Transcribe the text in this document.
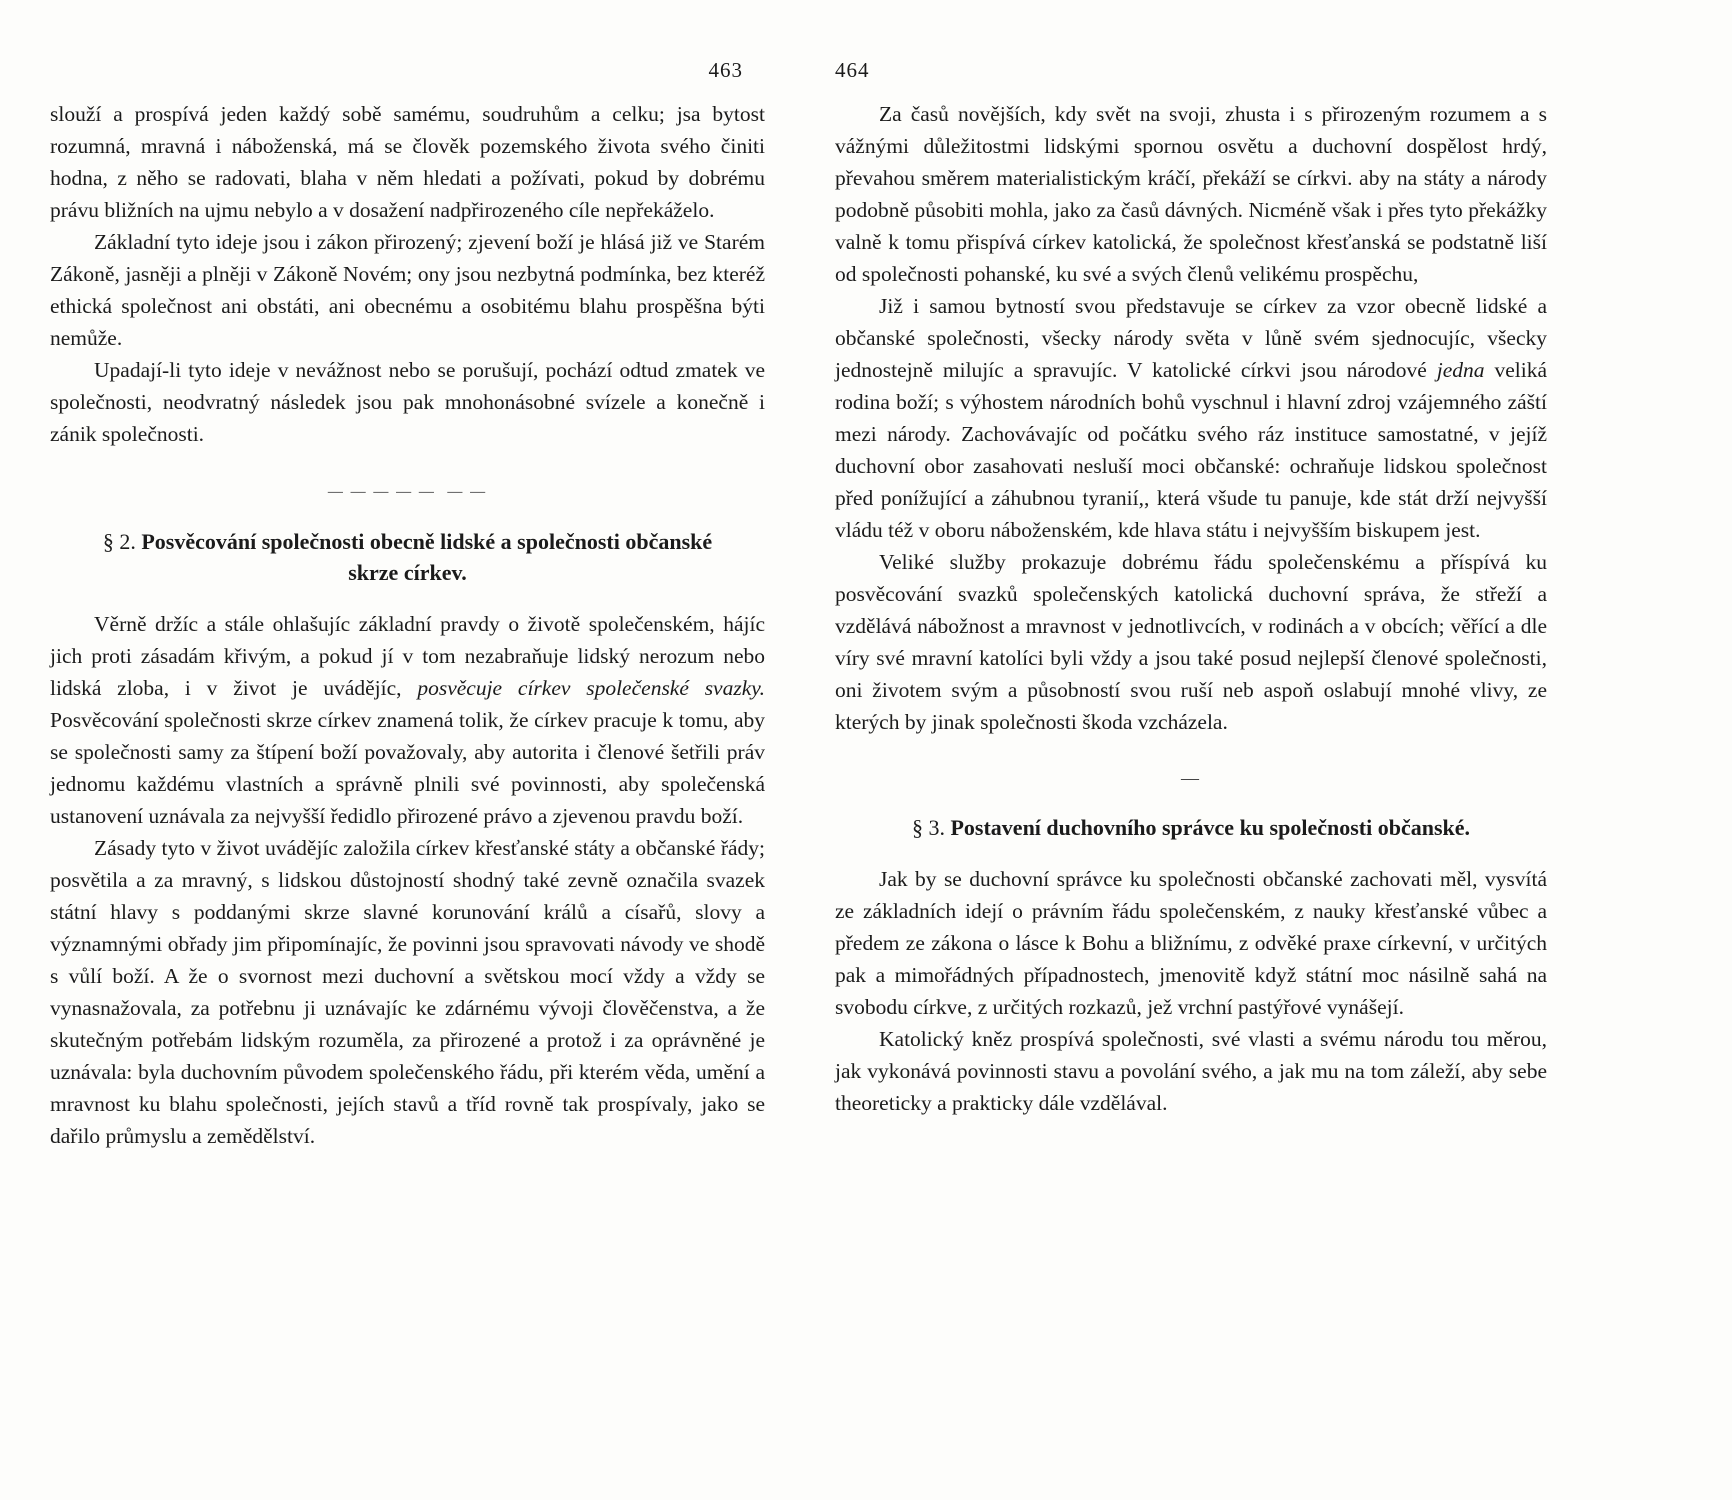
463

slouží a prospívá jeden každý sobě samému, soudruhům a celku; jsa bytost rozumná, mravná i náboženská, má se člověk pozemského života svého činiti hodna, z něho se radovati, blaha v něm hledati a požívati, pokud by dobrému právu bližních na ujmu nebylo a v dosažení nadpřirozeného cíle nepřekáželo.

Základní tyto ideje jsou i zákon přirozený; zjevení boží je hlásá již ve Starém Zákoně, jasněji a plněji v Zákoně Novém; ony jsou nezbytná podmínka, bez kteréž ethická společnost ani obstáti, ani obecnému a osobitému blahu prospěšna býti nemůže.

Upadají-li tyto ideje v nevážnost nebo se porušují, pochází odtud zmatek ve společnosti, neodvratný následek jsou pak mnohonásobné svízele a konečně i zánik společnosti.

— — — — —  — —
§ 2. Posvěcování společnosti obecně lidské a společnosti občanské skrze církev.

Věrně držíc a stále ohlašujíc základní pravdy o životě společenském, hájíc jich proti zásadám křivým, a pokud jí v tom nezabraňuje lidský nerozum nebo lidská zloba, i v život je uvádějíc, posvěcuje církev společenské svazky. Posvěcování společnosti skrze církev znamená tolik, že církev pracuje k tomu, aby se společnosti samy za štípení boží považovaly, aby autorita i členové šetřili práv jednomu každému vlastních a správně plnili své povinnosti, aby společenská ustanovení uznávala za nejvyšší ředidlo přirozené právo a zjevenou pravdu boží.

Zásady tyto v život uvádějíc založila církev křesťanské státy a občanské řády; posvětila a za mravný, s lidskou důstojností shodný také zevně označila svazek státní hlavy s poddanými skrze slavné korunování králů a císařů, slovy a významnými obřady jim připomínajíc, že povinni jsou spravovati návody ve shodě s vůlí boží. A že o svornost mezi duchovní a světskou mocí vždy a vždy se vynasnažovala, za potřebnu ji uznávajíc ke zdárnému vývoji člověčenstva, a že skutečným potřebám lidským rozuměla, za přirozené a protož i za oprávněné je uznávala: byla duchovním původem společenského řádu, při kterém věda, umění a mravnost ku blahu společnosti, jejích stavů a tříd rovně tak prospívaly, jako se dařilo průmyslu a zemědělství.

464

Za časů novějších, kdy svět na svoji, zhusta i s přirozeným rozumem a s vážnými důležitostmi lidskými spornou osvětu a duchovní dospělost hrdý, převahou směrem materialistickým kráčí, překáží se církvi. aby na státy a národy podobně působiti mohla, jako za časů dávných. Nicméně však i přes tyto překážky valně k tomu přispívá církev katolická, že společnost křesťanská se podstatně liší od společnosti pohanské, ku své a svých členů velikému prospěchu,

Již i samou bytností svou představuje se církev za vzor obecně lidské a občanské společnosti, všecky národy světa v lůně svém sjednocujíc, všecky jednostejně milujíc a spravujíc. V katolické církvi jsou národové jedna veliká rodina boží; s výhostem národních bohů vyschnul i hlavní zdroj vzájemného záští mezi národy. Zachovávajíc od počátku svého ráz instituce samostatné, v jejíž duchovní obor zasahovati nesluší moci občanské: ochraňuje lidskou společnost před ponížující a záhubnou tyranií,, která všude tu panuje, kde stát drží nejvyšší vládu též v oboru náboženském, kde hlava státu i nejvyšším biskupem jest.

Veliké služby prokazuje dobrému řádu společenskému a příspívá ku posvěcování svazků společenských katolická duchovní správa, že střeží a vzdělává nábožnost a mravnost v jednotlivcích, v rodinách a v obcích; věřící a dle víry své mravní katolíci byli vždy a jsou také posud nejlepší členové společnosti, oni životem svým a působností svou ruší neb aspoň oslabují mnohé vlivy, ze kterých by jinak společnosti škoda vzcházela.

—
§ 3. Postavení duchovního správce ku společnosti občanské.

Jak by se duchovní správce ku společnosti občanské zachovati měl, vysvítá ze základních idejí o právním řádu společenském, z nauky křesťanské vůbec a předem ze zákona o lásce k Bohu a bližnímu, z odvěké praxe církevní, v určitých pak a mimořádných případnostech, jmenovitě když státní moc násilně sahá na svobodu církve, z určitých rozkazů, jež vrchní pastýřové vynášejí.

Katolický kněz prospívá společnosti, své vlasti a svému národu tou měrou, jak vykonává povinnosti stavu a povolání svého, a jak mu na tom záleží, aby sebe theoreticky a prakticky dále vzdělával.
